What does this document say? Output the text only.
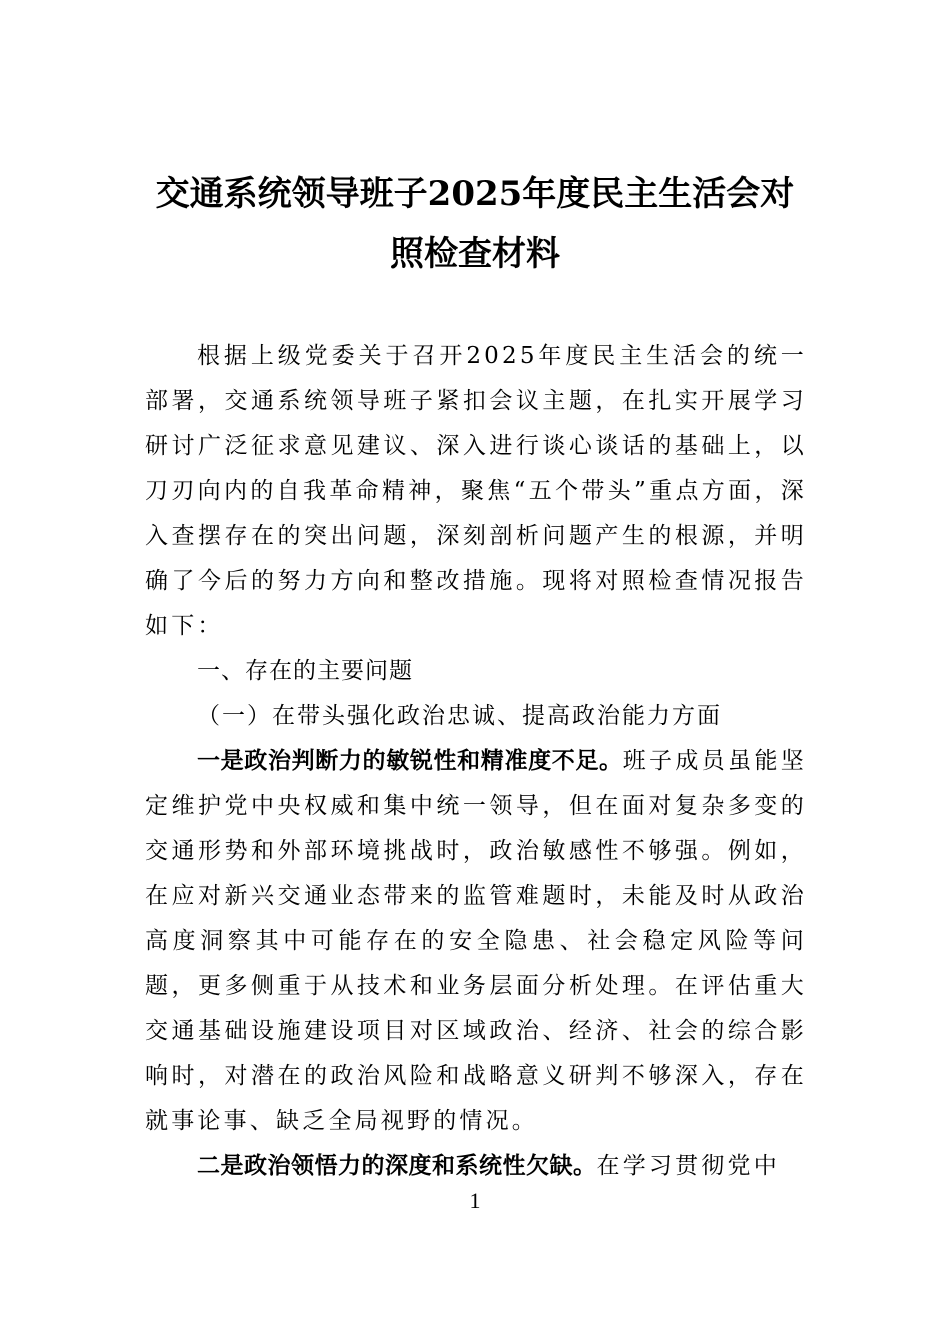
交通系统领导班子2025年度民主生活会对
照检查材料

根据上级党委关于召开2025年度民主生活会的统一部署，交通系统领导班子紧扣会议主题，在扎实开展学习研讨广泛征求意见建议、深入进行谈心谈话的基础上，以刀刃向内的自我革命精神，聚焦“五个带头”重点方面，深入查摆存在的突出问题，深刻剖析问题产生的根源，并明确了今后的努力方向和整改措施。现将对照检查情况报告如下：

一、存在的主要问题

（一）在带头强化政治忠诚、提高政治能力方面

一是政治判断力的敏锐性和精准度不足。班子成员虽能坚定维护党中央权威和集中统一领导，但在面对复杂多变的交通形势和外部环境挑战时，政治敏感性不够强。例如，在应对新兴交通业态带来的监管难题时，未能及时从政治高度洞察其中可能存在的安全隐患、社会稳定风险等问题，更多侧重于从技术和业务层面分析处理。在评估重大交通基础设施建设项目对区域政治、经济、社会的综合影响时，对潜在的政治风险和战略意义研判不够深入，存在就事论事、缺乏全局视野的情况。

二是政治领悟力的深度和系统性欠缺。在学习贯彻党中

1
